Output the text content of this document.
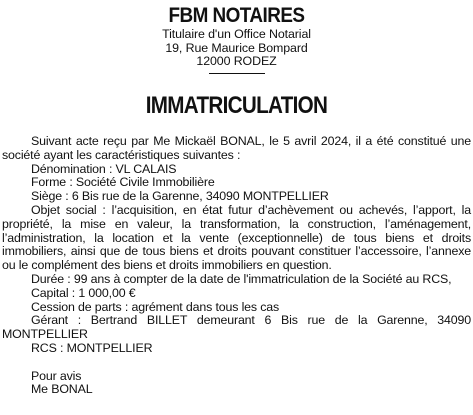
FBM NOTAIRES
Titulaire d'un Office Notarial
19, Rue Maurice Bompard
12000 RODEZ
IMMATRICULATION

Suivant acte reçu par Me Mickaël BONAL, le 5 avril 2024, il a été constitué une société ayant les caractéristiques suivantes :

Dénomination : VL CALAIS

Forme : Société Civile Immobilière

Siège : 6 Bis rue de la Garenne, 34090 MONTPELLIER

Objet social : l’acquisition, en état futur d’achèvement ou achevés, l’apport, la propriété, la mise en valeur, la transformation, la construction, l’aménagement, l’administration, la location et la vente (exceptionnelle) de tous biens et droits immobiliers, ainsi que de tous biens et droits pouvant constituer l’accessoire, l’annexe ou le complément des biens et droits immobiliers en question.

Durée : 99 ans à compter de la date de l'immatriculation de la Société au RCS,

Capital : 1 000,00 €

Cession de parts : agrément dans tous les cas

Gérant : Bertrand BILLET demeurant 6 Bis rue de la Garenne, 34090 MONTPELLIER

RCS : MONTPELLIER

Pour avis

Me BONAL
